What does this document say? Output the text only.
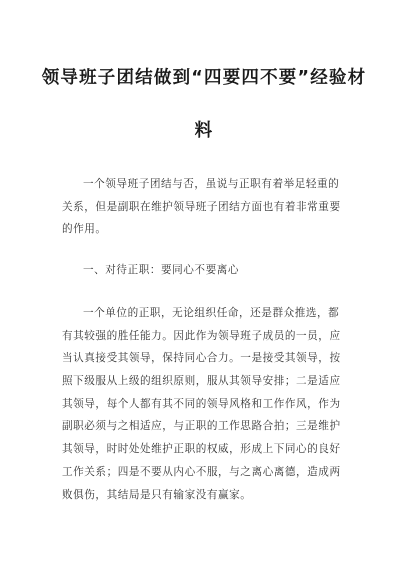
领导班子团结做到“四要四不要”经验材
料
一个领导班子团结与否，虽说与正职有着举足轻重的
关系，但是副职在维护领导班子团结方面也有着非常重要
的作用。
一、对待正职：要同心不要离心
一个单位的正职，无论组织任命，还是群众推选，都
有其较强的胜任能力。因此作为领导班子成员的一员，应
当认真接受其领导，保持同心合力。一是接受其领导，按
照下级服从上级的组织原则，服从其领导安排；二是适应
其领导，每个人都有其不同的领导风格和工作作风，作为
副职必须与之相适应，与正职的工作思路合拍；三是维护
其领导，时时处处维护正职的权威，形成上下同心的良好
工作关系；四是不要从内心不服，与之离心离德，造成两
败俱伤，其结局是只有输家没有赢家。
